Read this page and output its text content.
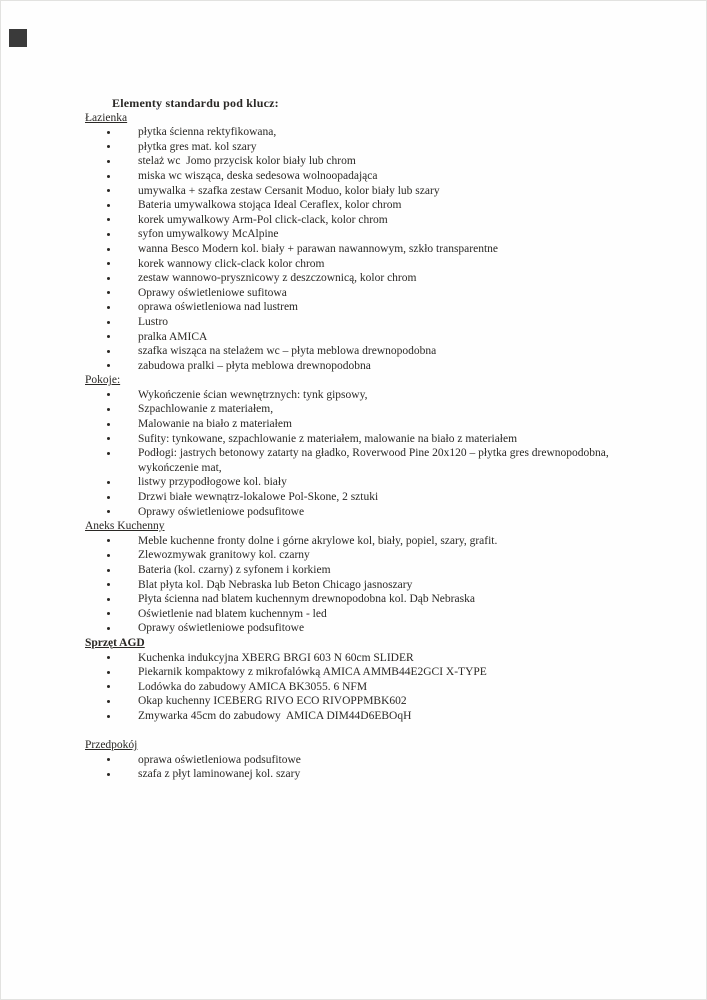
Elementy standardu pod klucz:
Łazienka
płytka ścienna rektyfikowana,
płytka gres mat. kol szary
stelaż wc  Jomo przycisk kolor biały lub chrom
miska wc wisząca, deska sedesowa wolnoopadająca
umywalka + szafka zestaw Cersanit Moduo, kolor biały lub szary
Bateria umywalkowa stojąca Ideal Ceraflex, kolor chrom
korek umywalkowy Arm-Pol click-clack, kolor chrom
syfon umywalkowy McAlpine
wanna Besco Modern kol. biały + parawan nawannowym, szkło transparentne
korek wannowy click-clack kolor chrom
zestaw wannowo-prysznicowy z deszczownicą, kolor chrom
Oprawy oświetleniowe sufitowa
oprawa oświetleniowa nad lustrem
Lustro
pralka AMICA
szafka wisząca na stelażem wc – płyta meblowa drewnopodobna
zabudowa pralki – płyta meblowa drewnopodobna
Pokoje:
Wykończenie ścian wewnętrznych: tynk gipsowy,
Szpachlowanie z materiałem,
Malowanie na biało z materiałem
Sufity: tynkowane, szpachlowanie z materiałem, malowanie na biało z materiałem
Podłogi: jastrych betonowy zatarty na gładko, Roverwood Pine 20x120 – płytka gres drewnopodobna, wykończenie mat,
listwy przypodłogowe kol. biały
Drzwi białe wewnątrz-lokalowe Pol-Skone, 2 sztuki
Oprawy oświetleniowe podsufitowe
Aneks Kuchenny
Meble kuchenne fronty dolne i górne akrylowe kol, biały, popiel, szary, grafit.
Zlewozmywak granitowy kol. czarny
Bateria (kol. czarny) z syfonem i korkiem
Blat płyta kol. Dąb Nebraska lub Beton Chicago jasnoszary
Płyta ścienna nad blatem kuchennym drewnopodobna kol. Dąb Nebraska
Oświetlenie nad blatem kuchennym - led
Oprawy oświetleniowe podsufitowe
Sprzęt AGD
Kuchenka indukcyjna XBERG BRGI 603 N 60cm SLIDER
Piekarnik kompaktowy z mikrofalówką AMICA AMMB44E2GCI X-TYPE
Lodówka do zabudowy AMICA BK3055. 6 NFM
Okap kuchenny ICEBERG RIVO ECO RIVOPPMBK602
Zmywarka 45cm do zabudowy  AMICA DIM44D6EBOqH
Przedpokój
oprawa oświetleniowa podsufitowe
szafa z płyt laminowanej kol. szary
